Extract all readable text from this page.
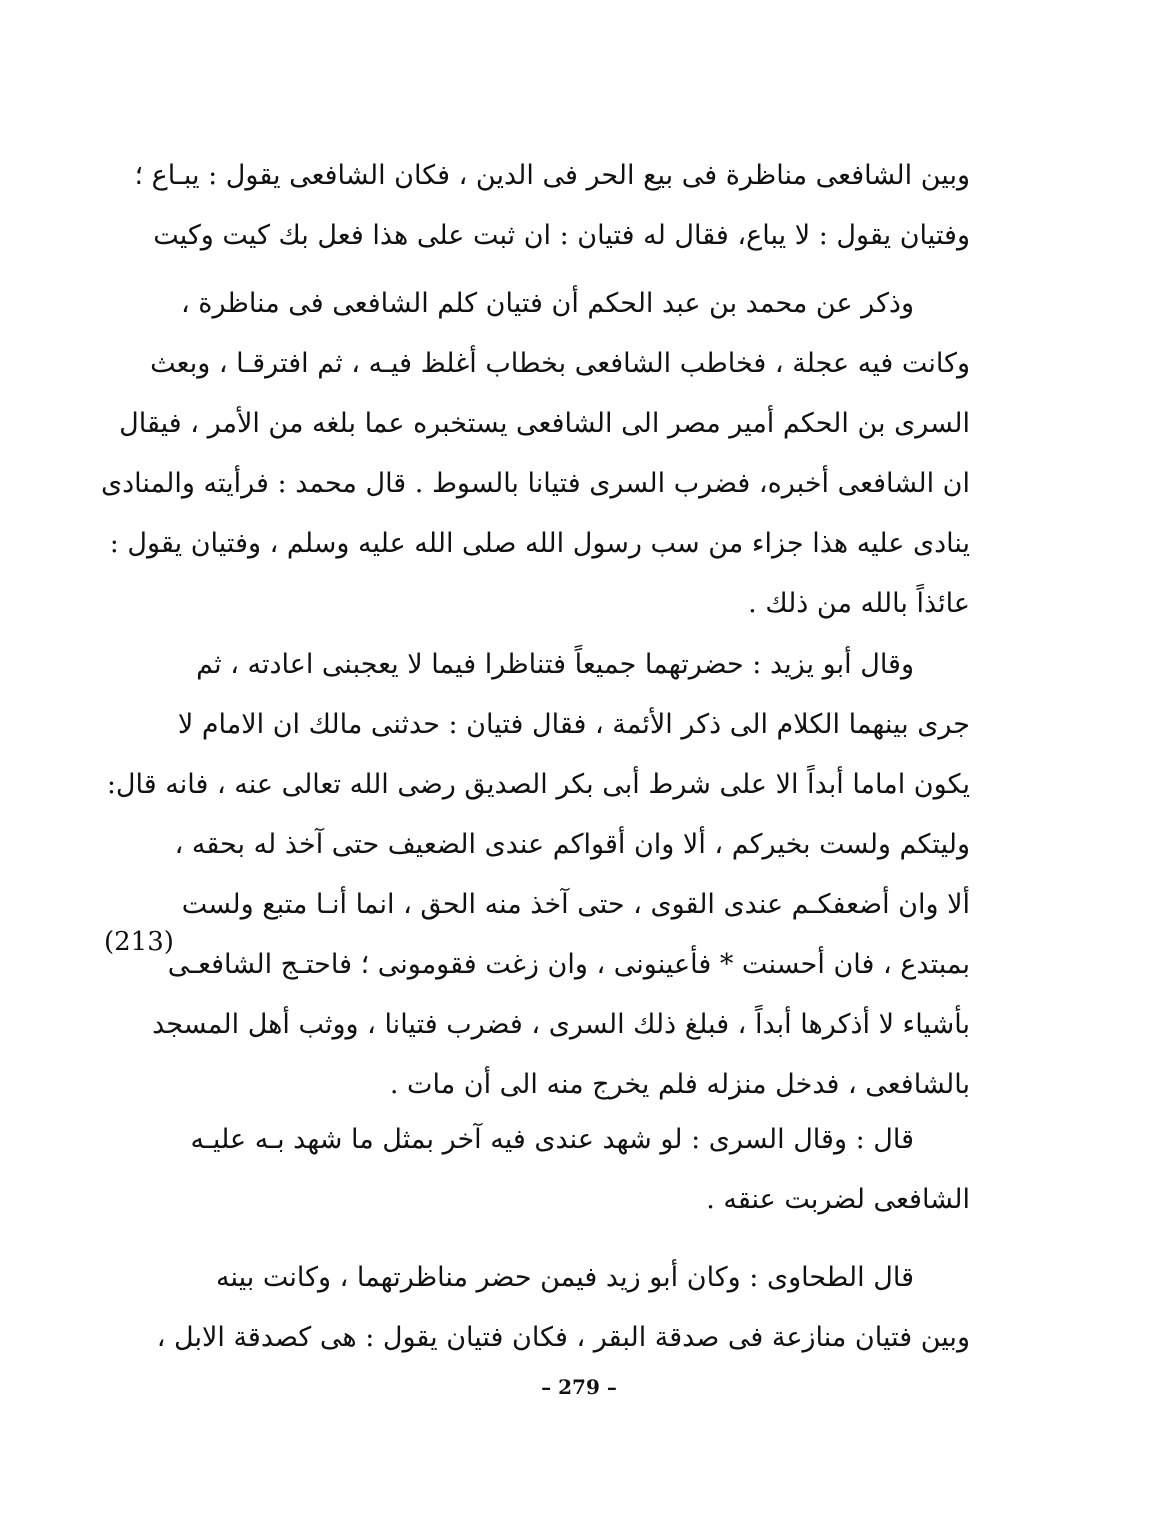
وبين الشافعى مناظرة فى بيع الحر فى الدين ، فكان الشافعى يقول : يبـاع ؛
وفتيان يقول : لا يباع، فقال له فتيان : ان ثبت على هذا فعل بك كيت وكيت
وذكر عن محمد بن عبد الحكم أن فتيان كلم الشافعى فى مناظرة ،
وكانت فيه عجلة ، فخاطب الشافعى بخطاب أغلظ فيـه ، ثم افترقـا ، وبعث
السرى بن الحكم أمير مصر الى الشافعى يستخبره عما بلغه من الأمر ، فيقال
ان الشافعى أخبره، فضرب السرى فتيانا بالسوط . قال محمد : فرأيته والمنادى
ينادى عليه هذا جزاء من سب رسول الله صلى الله عليه وسلم ، وفتيان يقول :
عائذاً بالله من ذلك .
وقال أبو يزيد : حضرتهما جميعاً فتناظرا فيما لا يعجبنى اعادته ، ثم
جرى بينهما الكلام الى ذكر الأئمة ، فقال فتيان : حدثنى مالك ان الامام لا
يكون اماما أبداً الا على شرط أبى بكر الصديق رضى الله تعالى عنه ، فانه قال:
وليتكم ولست بخيركم ، ألا وان أقواكم عندى الضعيف حتى آخذ له بحقه ،
ألا وان أضعفكـم عندى القوى ، حتى آخذ منه الحق ، انما أنـا متبع ولست
بمبتدع ، فان أحسنت * فأعينونى ، وان زغت فقومونى ؛ فاحتـج الشافعـى
بأشياء لا أذكرها أبداً ، فبلغ ذلك السرى ، فضرب فتيانا ، ووثب أهل المسجد
بالشافعى ، فدخل منزله فلم يخرج منه الى أن مات .
قال : وقال السرى : لو شهد عندى فيه آخر بمثل ما شهد بـه عليـه
الشافعى لضربت عنقه .
قال الطحاوى : وكان أبو زيد فيمن حضر مناظرتهما ، وكانت بينه
وبين فتيان منازعة فى صدقة البقر ، فكان فتيان يقول : هى كصدقة الابل ،
(213)
– 279 –
